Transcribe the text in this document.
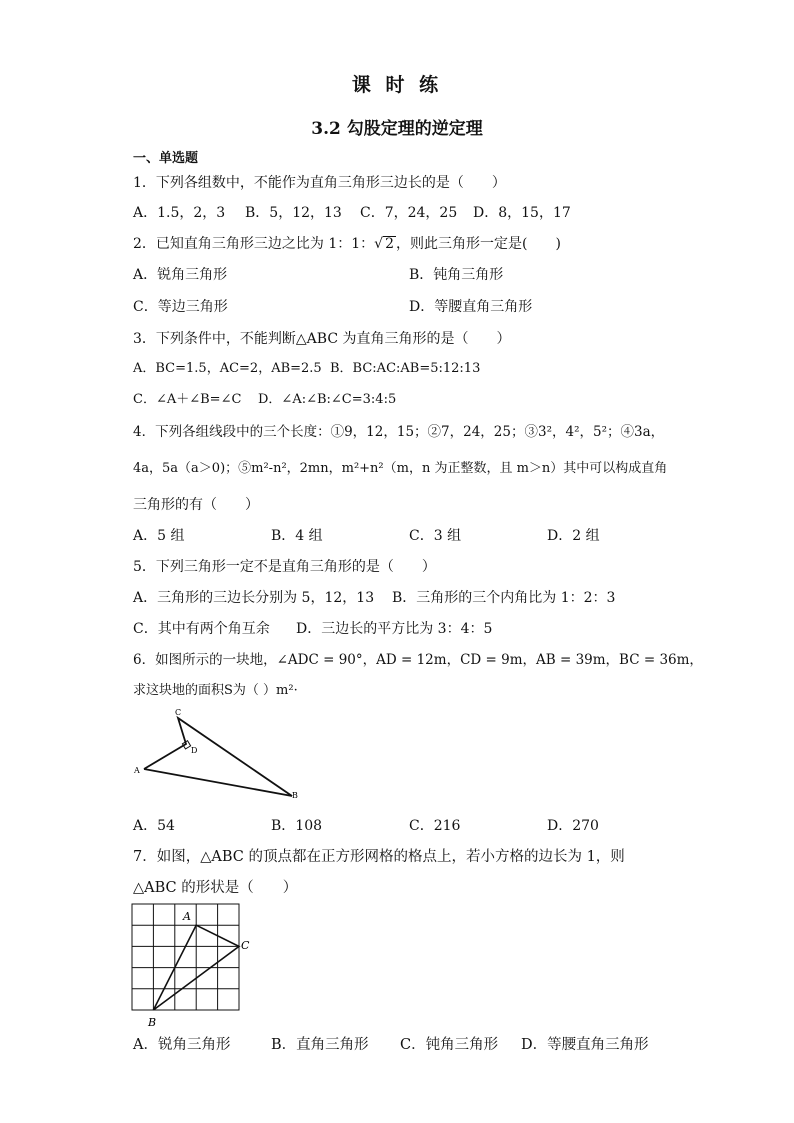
课 时 练
3.2 勾股定理的逆定理
一、单选题
1．下列各组数中，不能作为直角三角形三边长的是（　　）
A．1.5，2，3 B．5，12，13 C．7，24，25 D．8，15，17
2．已知直角三角形三边之比为 1：1：√ 2 ，则此三角形一定是(　　)
A．锐角三角形	B．钝角三角形
C．等边三角形	D．等腰直角三角形
3．下列条件中，不能判断△ABC 为直角三角形的是（　　）
A．BC=1.5，AC=2，AB=2.5 B．BC:AC:AB=5:12:13
C．∠A＋∠B=∠C D．∠A:∠B:∠C=3:4:5
4．下列各组线段中的三个长度：①9，12，15；②7，24，25；③3²，4²，5²；④3a，
4a，5a（a＞0)；⑤m²-n²，2mn，m²+n²（m，n 为正整数，且 m＞n）其中可以构成直角
三角形的有（　　）
A．5 组	B．4 组	C．3 组	D．2 组
5．下列三角形一定不是直角三角形的是（　　）
A．三角形的三边长分别为 5，12，13 B．三角形的三个内角比为 1：2：3
C．其中有两个角互余 D．三边长的平方比为 3：4：5
6．如图所示的一块地，∠ADC = 90°，AD = 12m，CD = 9m，AB = 39m，BC = 36m，
求这块地的面积S为（ ）m²·
C
D
A
B
A．54	B．108	C．216	D．270
7．如图，△ABC 的顶点都在正方形网格的格点上，若小方格的边长为 1，则
△ABC 的形状是（　　）
A
C
B
A．锐角三角形	B．直角三角形 C．钝角三角形 D．等腰直角三角形
